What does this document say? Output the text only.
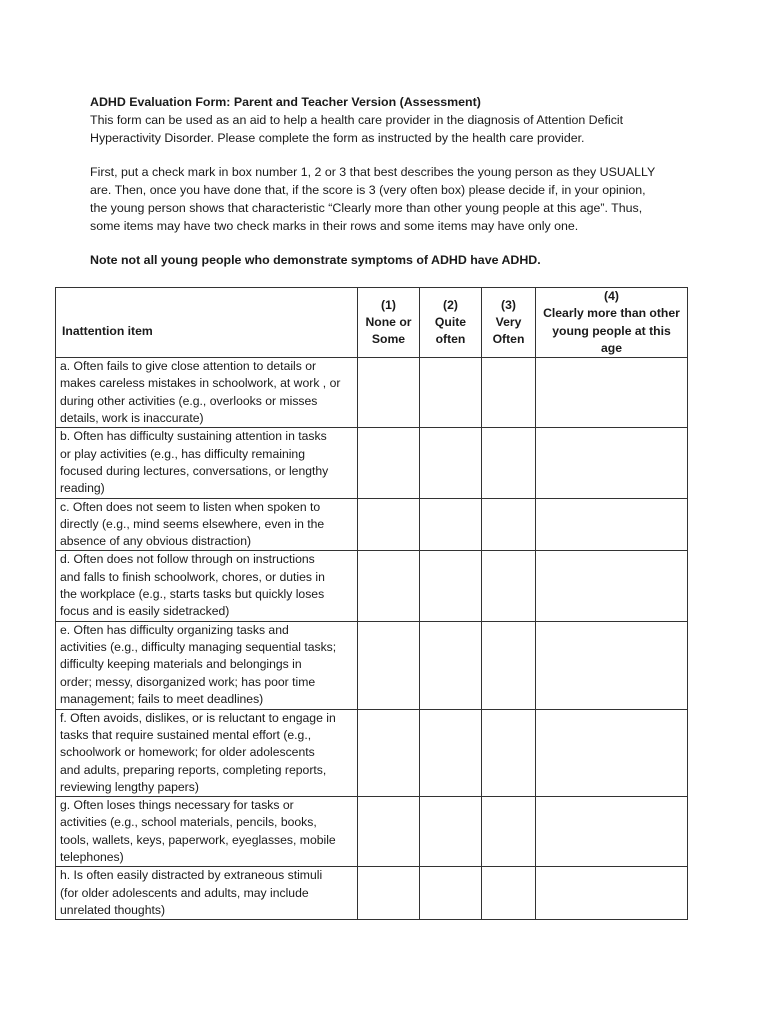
ADHD Evaluation Form: Parent and Teacher Version (Assessment)

This form can be used as an aid to help a health care provider in the diagnosis of Attention Deficit
Hyperactivity Disorder. Please complete the form as instructed by the health care provider.

First, put a check mark in box number 1, 2 or 3 that best describes the young person as they USUALLY
are. Then, once you have done that, if the score is 3 (very often box) please decide if, in your opinion,
the young person shows that characteristic “Clearly more than other young people at this age”. Thus,
some items may have two check marks in their rows and some items may have only one.

Note not all young people who demonstrate symptoms of ADHD have ADHD.

Inattention item	(1)
None or
Some	(2)
Quite
often	(3)
Very
Often	(4)
Clearly more than other
young people at this
age

a. Often fails to give close attention to details or
makes careless mistakes in schoolwork, at work , or
during other activities (e.g., overlooks or misses
details, work is inaccurate)				

b. Often has difficulty sustaining attention in tasks
or play activities (e.g., has difficulty remaining
focused during lectures, conversations, or lengthy
reading)				

c. Often does not seem to listen when spoken to
directly (e.g., mind seems elsewhere, even in the
absence of any obvious distraction)				

d. Often does not follow through on instructions
and falls to finish schoolwork, chores, or duties in
the workplace (e.g., starts tasks but quickly loses
focus and is easily sidetracked)				

e. Often has difficulty organizing tasks and
activities (e.g., difficulty managing sequential tasks;
difficulty keeping materials and belongings in
order; messy, disorganized work; has poor time
management; fails to meet deadlines)				

f. Often avoids, dislikes, or is reluctant to engage in
tasks that require sustained mental effort (e.g.,
schoolwork or homework; for older adolescents
and adults, preparing reports, completing reports,
reviewing lengthy papers)				

g. Often loses things necessary for tasks or
activities (e.g., school materials, pencils, books,
tools, wallets, keys, paperwork, eyeglasses, mobile
telephones)				

h. Is often easily distracted by extraneous stimuli
(for older adolescents and adults, may include
unrelated thoughts)				
